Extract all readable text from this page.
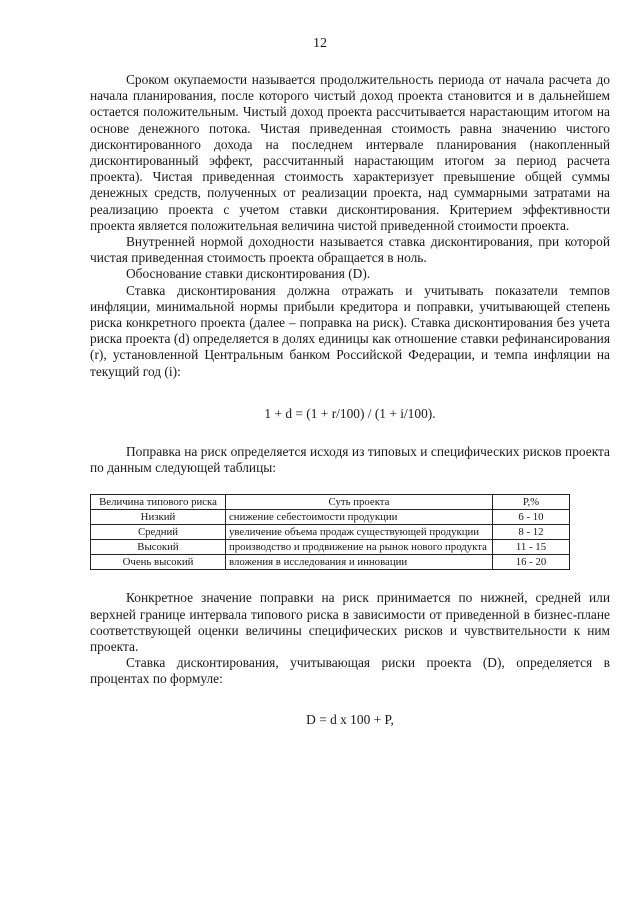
12

Сроком окупаемости называется продолжительность периода от начала расчета до начала планирования, после которого чистый доход проекта становится и в дальнейшем остается положительным. Чистый доход проекта рассчитывается нарастающим итогом на основе денежного потока. Чистая приведенная стоимость равна значению чистого дисконтированного дохода на последнем интервале планирования (накопленный дисконтированный эффект, рассчитанный нарастающим итогом за период расчета проекта). Чистая приведенная стоимость характеризует превышение общей суммы денежных средств, полученных от реализации проекта, над суммарными затратами на реализацию проекта с учетом ставки дисконтирования. Критерием эффективности проекта является положительная величина чистой приведенной стоимости проекта.

Внутренней нормой доходности называется ставка дисконтирования, при которой чистая приведенная стоимость проекта обращается в ноль.

Обоснование ставки дисконтирования (D).

Ставка дисконтирования должна отражать и учитывать показатели темпов инфляции, минимальной нормы прибыли кредитора и поправки, учитывающей степень риска конкретного проекта (далее – поправка на риск). Ставка дисконтирования без учета риска проекта (d) определяется в долях единицы как отношение ставки рефинансирования (r), установленной Центральным банком Российской Федерации, и темпа инфляции на текущий год (i):

1 + d = (1 + r/100) / (1 + i/100).

Поправка на риск определяется исходя из типовых и специфических рисков проекта по данным следующей таблицы:

Величина типового риска	Суть проекта	Р,%
Низкий	снижение себестоимости продукции	6 - 10
Средний	увеличение объема продаж существующей продукции	8 - 12
Высокий	производство и продвижение на рынок нового продукта	11 - 15
Очень высокий	вложения в исследования и инновации	16 - 20

Конкретное значение поправки на риск принимается по нижней, средней или верхней границе интервала типового риска в зависимости от приведенной в бизнес-плане соответствующей оценки величины специфических рисков и чувствительности к ним проекта.

Ставка дисконтирования, учитывающая риски проекта (D), определяется в процентах по формуле:

D = d x 100 + P,
